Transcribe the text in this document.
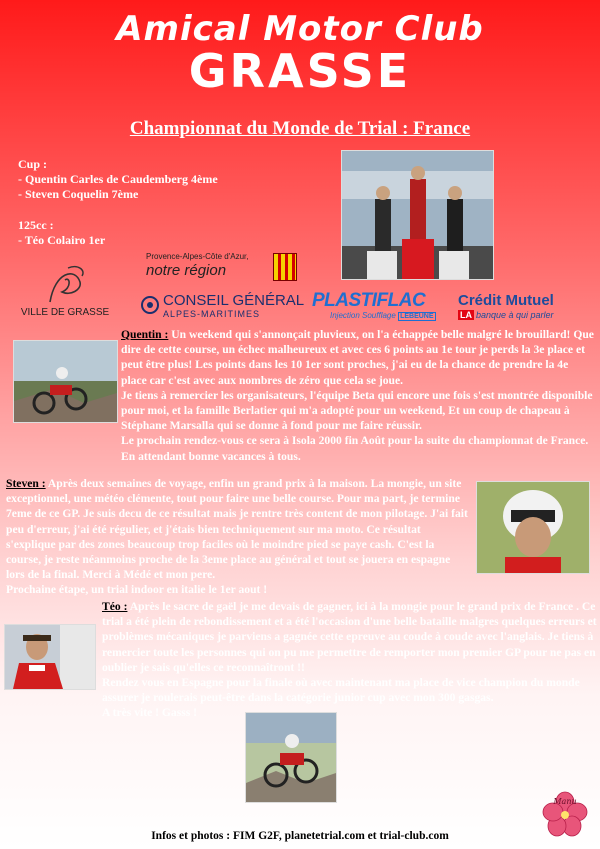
Amical Motor Club
GRASSE
Championnat du Monde de Trial : France

Cup :

- Quentin Carles de Caudemberg 4ème

- Steven Coquelin 7ème

125cc :

- Téo Colairo 1er

VILLE DE GRASSE
Provence-Alpes-Côte d'Azur,
notre région
CONSEIL GÉNÉRAL
ALPES-MARITIMES
PLASTIFLAC
Injection Soufflage LEBEUNE
Crédit Mutuel
LA banque à qui parler

Quentin : Un weekend qui s'annonçait pluvieux, on l'a échappée belle malgré le brouillard! Que dire de cette course, un échec malheureux et avec ces 6 points au 1e tour je perds la 3e place et peut être plus! Les points dans les 10 1er sont proches, j'ai eu de la chance de prendre la 4e place car c'est avec aux nombres de zéro que cela se joue.

Je tiens à remercier les organisateurs, l'équipe Beta qui encore une fois s'est montrée disponible pour moi, et la famille Berlatier qui m'a adopté pour un weekend, Et un coup de chapeau à Stéphane Marsalla qui se donne à fond pour me faire réussir.

Le prochain rendez-vous ce sera à Isola 2000 fin Août pour la suite du championnat de France.

En attendant bonne vacances à tous.

Steven : Après deux semaines de voyage, enfin un grand prix à la maison. La mongie, un site exceptionnel, une météo clémente, tout pour faire une belle course. Pour ma part, je termine 7eme de ce GP. Je suis decu de ce résultat mais je rentre très content de mon pilotage. J'ai fait peu d'erreur, j'ai été régulier, et j'étais bien techniquement sur ma moto. Ce résultat s'explique par des zones beaucoup trop faciles où le moindre pied se paye cash. C'est la course, je reste néanmoins proche de la 3eme place au général et tout se jouera en espagne lors de la final. Merci à Médé et mon pere.

Prochaine étape, un trial indoor en italie le 1er aout !

Téo : Après le sacre de gaël je me devais de gagner, ici à la mongie pour le grand prix de France . Ce trial a été plein de rebondissement et a été l'occasion d'une belle bataille malgres quelques erreurs et problèmes mécaniques je parviens a gagnée cette epreuve au coude à coude avec l'anglais. Je tiens à remercier toute les personnes qui on pu me permettre de remporter mon premier GP pour ne pas en oublier je sais qu'elles ce reconnaîtront !!

Rendez vous en Espagne pour la finale où avec maintenant ma place de vice champion du monde assurer je roulerais peut-être dans la catégorie junior cup avec mon 300 gasgas.

A très vite ! Gasss !

Infos et photos : FIM G2F, planetetrial.com et trial-club.com
Manu
